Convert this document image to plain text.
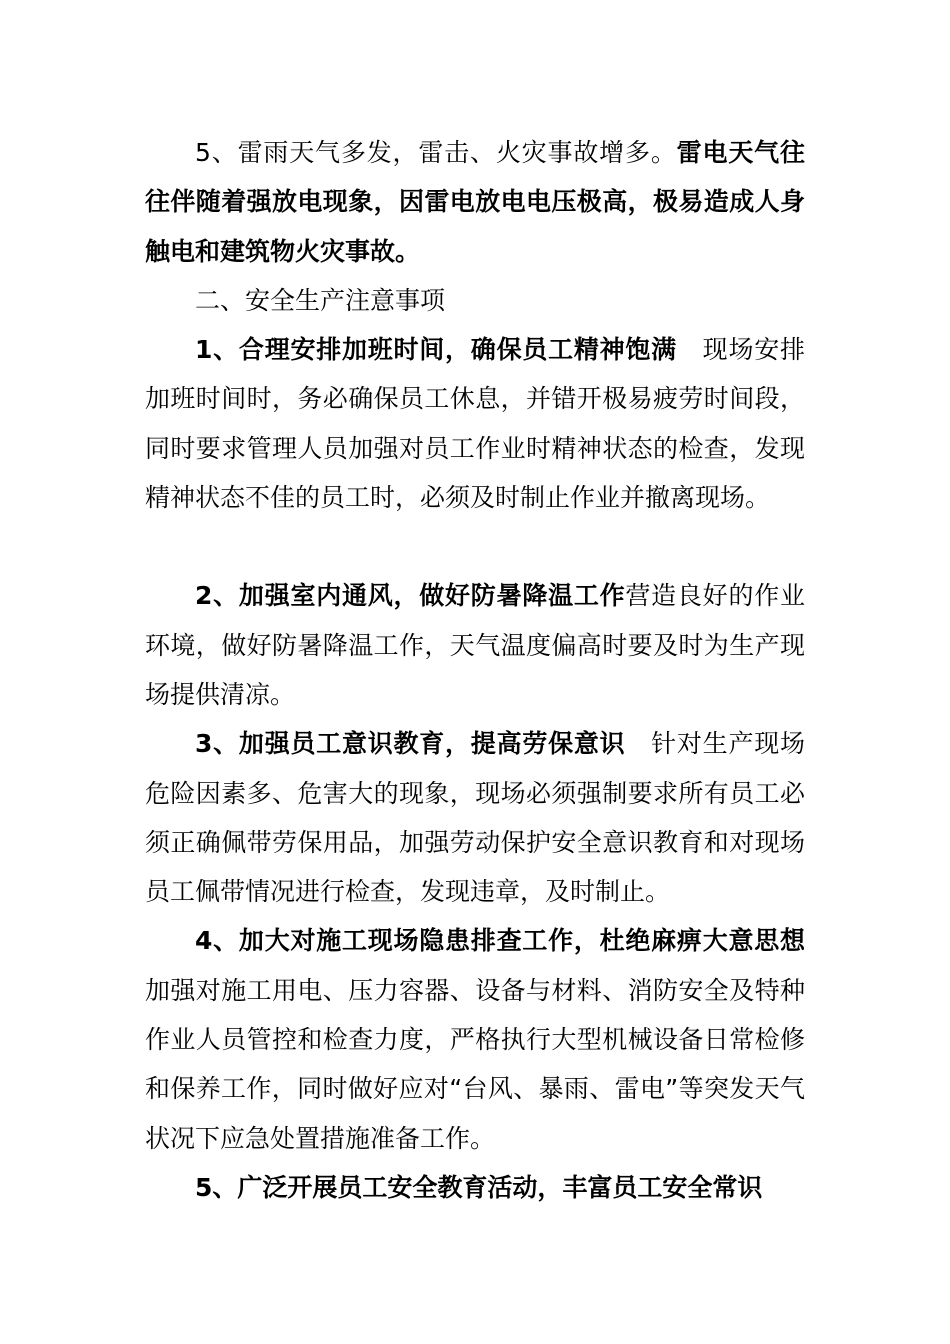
5、雷雨天气多发，雷击、火灾事故增多。雷电天气往往伴随着强放电现象，因雷电放电电压极高，极易造成人身触电和建筑物火灾事故。

二、安全生产注意事项

1、合理安排加班时间，确保员工精神饱满　现场安排加班时间时，务必确保员工休息，并错开极易疲劳时间段，同时要求管理人员加强对员工作业时精神状态的检查，发现精神状态不佳的员工时，必须及时制止作业并撤离现场。

2、加强室内通风，做好防暑降温工作营造良好的作业环境，做好防暑降温工作，天气温度偏高时要及时为生产现场提供清凉。

3、加强员工意识教育，提高劳保意识　针对生产现场危险因素多、危害大的现象，现场必须强制要求所有员工必须正确佩带劳保用品，加强劳动保护安全意识教育和对现场员工佩带情况进行检查，发现违章，及时制止。

4、加大对施工现场隐患排查工作，杜绝麻痹大意思想加强对施工用电、压力容器、设备与材料、消防安全及特种作业人员管控和检查力度，严格执行大型机械设备日常检修和保养工作，同时做好应对“台风、暴雨、雷电”等突发天气状况下应急处置措施准备工作。

5、广泛开展员工安全教育活动，丰富员工安全常识
